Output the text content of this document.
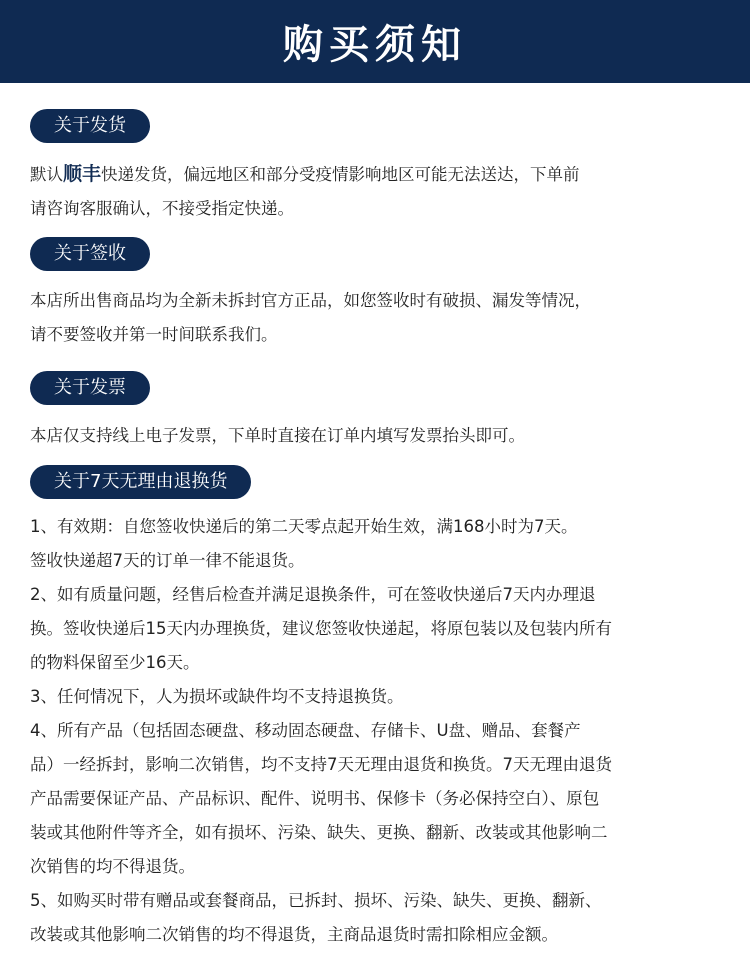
购买须知
关于发货

默认顺丰快递发货，偏远地区和部分受疫情影响地区可能无法送达，下单前

请咨询客服确认，不接受指定快递。

关于签收

本店所出售商品均为全新未拆封官方正品，如您签收时有破损、漏发等情况，

请不要签收并第一时间联系我们。

关于发票

本店仅支持线上电子发票，下单时直接在订单内填写发票抬头即可。

关于7天无理由退换货

1、有效期：自您签收快递后的第二天零点起开始生效，满168小时为7天。

签收快递超7天的订单一律不能退货。

2、如有质量问题，经售后检查并满足退换条件，可在签收快递后7天内办理退

换。签收快递后15天内办理换货，建议您签收快递起，将原包装以及包装内所有

的物料保留至少16天。

3、任何情况下，人为损坏或缺件均不支持退换货。

4、所有产品（包括固态硬盘、移动固态硬盘、存储卡、U盘、赠品、套餐产

品）一经拆封，影响二次销售，均不支持7天无理由退货和换货。7天无理由退货

产品需要保证产品、产品标识、配件、说明书、保修卡（务必保持空白）、原包

装或其他附件等齐全，如有损坏、污染、缺失、更换、翻新、改装或其他影响二

次销售的均不得退货。

5、如购买时带有赠品或套餐商品，已拆封、损坏、污染、缺失、更换、翻新、

改装或其他影响二次销售的均不得退货，主商品退货时需扣除相应金额。
